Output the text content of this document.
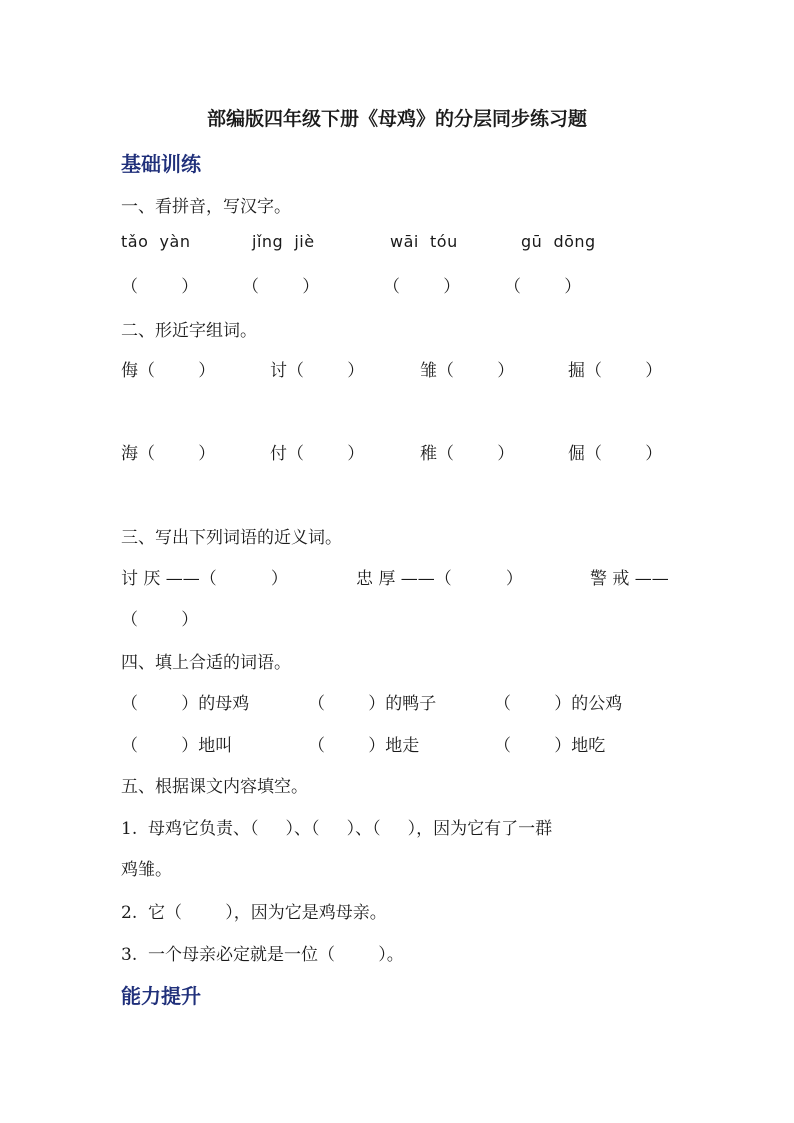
部编版四年级下册《母鸡》的分层同步练习题
基础训练
一、看拼音，写汉字。
tǎo  yàn	jǐng  jiè	wāi  tóu	gū  dōng
（        ）	（        ）	（        ）	（        ）
二、形近字组词。
侮（        ）	讨（        ）	雏（        ）	掘（        ）
海（        ）	付（        ）	稚（        ）	倔（        ）
三、写出下列词语的近义词。
讨 厌 ——（          ）	忠 厚 ——（          ）	警 戒 ——
（        ）
四、填上合适的词语。
（        ）的母鸡	（        ）的鸭子	（        ）的公鸡
（        ）地叫	（        ）地走	（        ）地吃
五、根据课文内容填空。
1.  母鸡它负责、（     ）、（     ）、（     ），因为它有了一群
鸡雏。
2.  它（        ），因为它是鸡母亲。
3.  一个母亲必定就是一位（        ）。
能力提升
